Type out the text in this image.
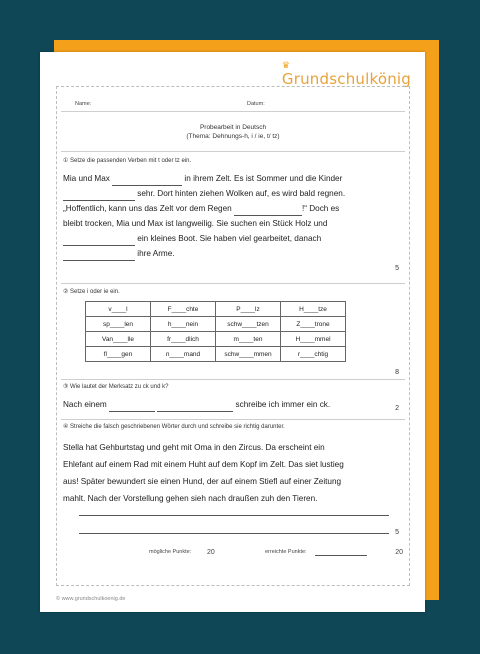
♛
Grundschulkönig
Name:	Datum:
Probearbeit in Deutsch
(Thema: Dehnungs-h, i / ie, t/ tz)
① Setze die passenden Verben mit t oder tz ein.
Mia und Max	in ihrem Zelt. Es ist Sommer und die Kinder
sehr. Dort hinten ziehen Wolken auf, es wird bald regnen.
„Hoffentlich, kann uns das Zelt vor dem Regen	!“ Doch es
bleibt trocken, Mia und Max ist langweilig. Sie suchen ein Stück Holz und
ein kleines Boot. Sie haben viel gearbeitet, danach
ihre Arme.
5
② Setze i oder ie ein.
v____l	F____chte	P____lz	H____tze
sp____len	h____nein	schw____tzen	Z____trone
Van____lle	fr____dlich	m____ten	H____mmel
fl____gen	n____mand	schw____mmen	r____chtig
8
③ Wie lautet der Merksatz zu ck und k?
Nach einem	schreibe ich immer ein ck.	2
④ Streiche die falsch geschriebenen Wörter durch und schreibe sie richtig darunter.
Stella hat Gehburtstag und geht mit Oma in den Zircus. Da erscheint ein
Ehlefant auf einem Rad mit einem Huht auf dem Kopf im Zelt. Das siet lustieg
aus! Später bewundert sie einen Hund, der auf einem Stiefl auf einer Zeitung
mahlt. Nach der Vorstellung gehen sieh nach draußen zuh den Tieren.
5
mögliche Punkte: 20	erreichte Punkte:	20
© www.grundschulkoenig.de
